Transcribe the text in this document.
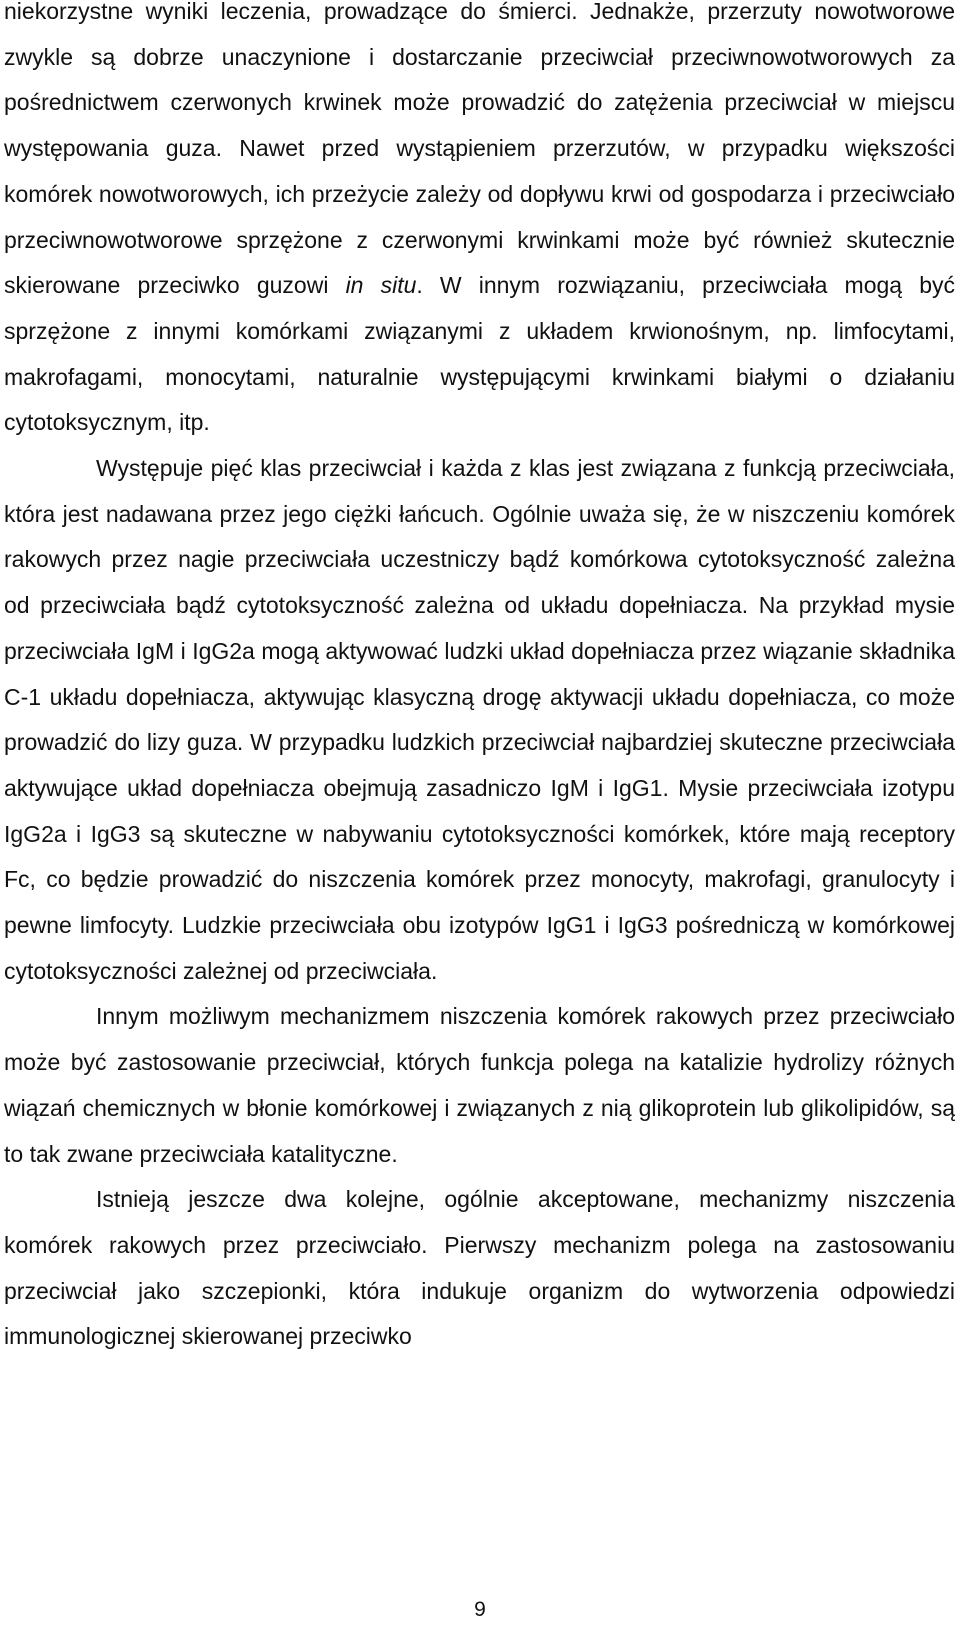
niekorzystne wyniki leczenia, prowadzące do śmierci. Jednakże, przerzuty nowotworowe zwykle są dobrze unaczynione i dostarczanie przeciwciał przeciwnowotworowych za pośrednictwem czerwonych krwinek może prowadzić do zatężenia przeciwciał w miejscu występowania guza. Nawet przed wystąpieniem przerzutów, w przypadku większości komórek nowotworowych, ich przeżycie zależy od dopływu krwi od gospodarza i przeciwciało przeciwnowotworowe sprzężone z czerwonymi krwinkami może być również skutecznie skierowane przeciwko guzowi in situ. W innym rozwiązaniu, przeciwciała mogą być sprzężone z innymi komórkami związanymi z układem krwionośnym, np. limfocytami, makrofagami, monocytami, naturalnie występującymi krwinkami białymi o działaniu cytotoksycznym, itp.

Występuje pięć klas przeciwciał i każda z klas jest związana z funkcją przeciwciała, która jest nadawana przez jego ciężki łańcuch. Ogólnie uważa się, że w niszczeniu komórek rakowych przez nagie przeciwciała uczestniczy bądź komórkowa cytotoksyczność zależna od przeciwciała bądź cytotoksyczność zależna od układu dopełniacza. Na przykład mysie przeciwciała IgM i IgG2a mogą aktywować ludzki układ dopełniacza przez wiązanie składnika C-1 układu dopełniacza, aktywując klasyczną drogę aktywacji układu dopełniacza, co może prowadzić do lizy guza. W przypadku ludzkich przeciwciał najbardziej skuteczne przeciwciała aktywujące układ dopełniacza obejmują zasadniczo IgM i IgG1. Mysie przeciwciała izotypu IgG2a i IgG3 są skuteczne w nabywaniu cytotoksyczności komórkek, które mają receptory Fc, co będzie prowadzić do niszczenia komórek przez monocyty, makrofagi, granulocyty i pewne limfocyty. Ludzkie przeciwciała obu izotypów IgG1 i IgG3 pośredniczą w komórkowej cytotoksyczności zależnej od przeciwciała.

Innym możliwym mechanizmem niszczenia komórek rakowych przez przeciwciało może być zastosowanie przeciwciał, których funkcja polega na katalizie hydrolizy różnych wiązań chemicznych w błonie komórkowej i związanych z nią glikoprotein lub glikolipidów, są to tak zwane przeciwciała katalityczne.

Istnieją jeszcze dwa kolejne, ogólnie akceptowane, mechanizmy niszczenia komórek rakowych przez przeciwciało. Pierwszy mechanizm polega na zastosowaniu przeciwciał jako szczepionki, która indukuje organizm do wytworzenia odpowiedzi immunologicznej skierowanej przeciwko

9
